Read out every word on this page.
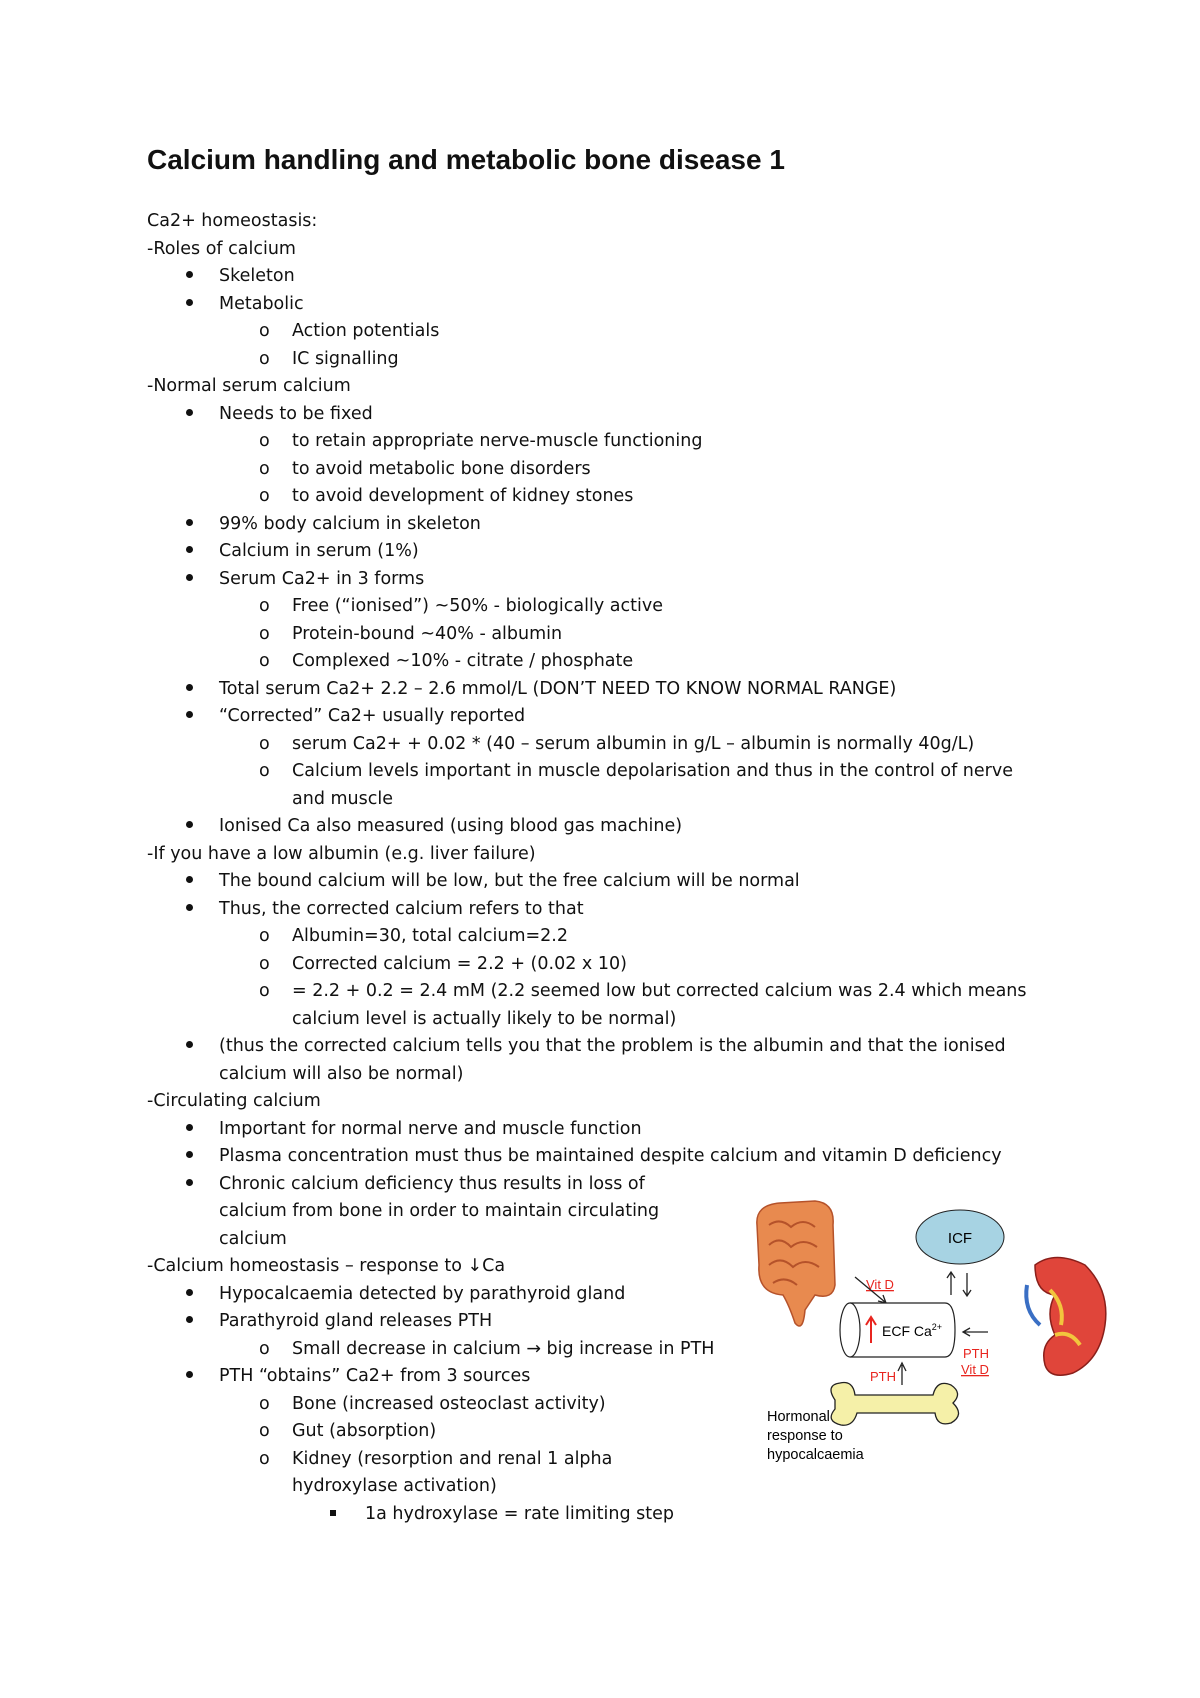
Calcium handling and metabolic bone disease 1
Ca2+ homeostasis:
-Roles of calcium
Skeleton
Metabolic
o Action potentials
o IC signalling
-Normal serum calcium
Needs to be fixed
o to retain appropriate nerve-muscle functioning
o to avoid metabolic bone disorders
o to avoid development of kidney stones
99% body calcium in skeleton
Calcium in serum (1%)
Serum Ca2+ in 3 forms
o Free (“ionised”) ~50% - biologically active
o Protein-bound ~40% - albumin
o Complexed ~10% - citrate / phosphate
Total serum Ca2+ 2.2 – 2.6 mmol/L (DON’T NEED TO KNOW NORMAL RANGE)
“Corrected” Ca2+ usually reported
o serum Ca2+ + 0.02 * (40 – serum albumin in g/L – albumin is normally 40g/L)
o Calcium levels important in muscle depolarisation and thus in the control of nerve
and muscle
Ionised Ca also measured (using blood gas machine)
-If you have a low albumin (e.g. liver failure)
The bound calcium will be low, but the free calcium will be normal
Thus, the corrected calcium refers to that
o Albumin=30, total calcium=2.2
o Corrected calcium = 2.2 + (0.02 x 10)
o = 2.2 + 0.2 = 2.4 mM (2.2 seemed low but corrected calcium was 2.4 which means
calcium level is actually likely to be normal)
(thus the corrected calcium tells you that the problem is the albumin and that the ionised
calcium will also be normal)
-Circulating calcium
Important for normal nerve and muscle function
Plasma concentration must thus be maintained despite calcium and vitamin D deficiency
Chronic calcium deficiency thus results in loss of
calcium from bone in order to maintain circulating
calcium
-Calcium homeostasis – response to ↓Ca
Hypocalcaemia detected by parathyroid gland
Parathyroid gland releases PTH
o Small decrease in calcium → big increase in PTH
PTH “obtains” Ca2+ from 3 sources
o Bone (increased osteoclast activity)
o Gut (absorption)
o Kidney (resorption and renal 1 alpha
hydroxylase activation)
1a hydroxylase = rate limiting step
ICF
Vit D
ECF $Ca^{2+}$
PTH
Vit D
PTH
Hormonal response to hypocalcaemia
